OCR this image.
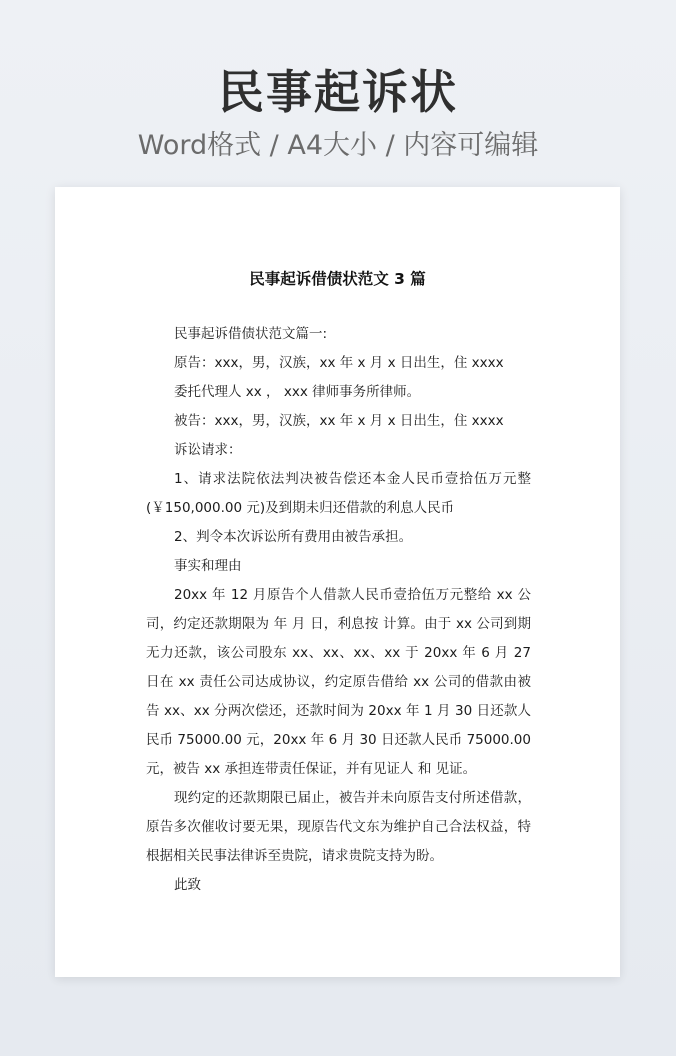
民事起诉状
Word格式 / A4大小 / 内容可编辑
民事起诉借债状范文 3 篇

民事起诉借债状范文篇一:

原告：xxx，男，汉族，xx 年 x 月 x 日出生，住 xxxx

委托代理人 xx ， xxx 律师事务所律师。

被告：xxx，男，汉族，xx 年 x 月 x 日出生，住 xxxx

诉讼请求：

1、请求法院依法判决被告偿还本金人民币壹拾伍万元整(￥150,000.00 元)及到期未归还借款的利息人民币

2、判令本次诉讼所有费用由被告承担。

事实和理由

20xx 年 12 月原告个人借款人民币壹拾伍万元整给 xx 公司，约定还款期限为 年 月 日，利息按 计算。由于 xx 公司到期无力还款，该公司股东 xx、xx、xx、xx 于 20xx 年 6 月 27 日在 xx 责任公司达成协议，约定原告借给 xx 公司的借款由被告 xx、xx 分两次偿还，还款时间为 20xx 年 1 月 30 日还款人民币 75000.00 元，20xx 年 6 月 30 日还款人民币 75000.00 元，被告 xx 承担连带责任保证，并有见证人 和 见证。

现约定的还款期限已届止，被告并未向原告支付所述借款，原告多次催收讨要无果，现原告代文东为维护自己合法权益，特根据相关民事法律诉至贵院，请求贵院支持为盼。

此致
